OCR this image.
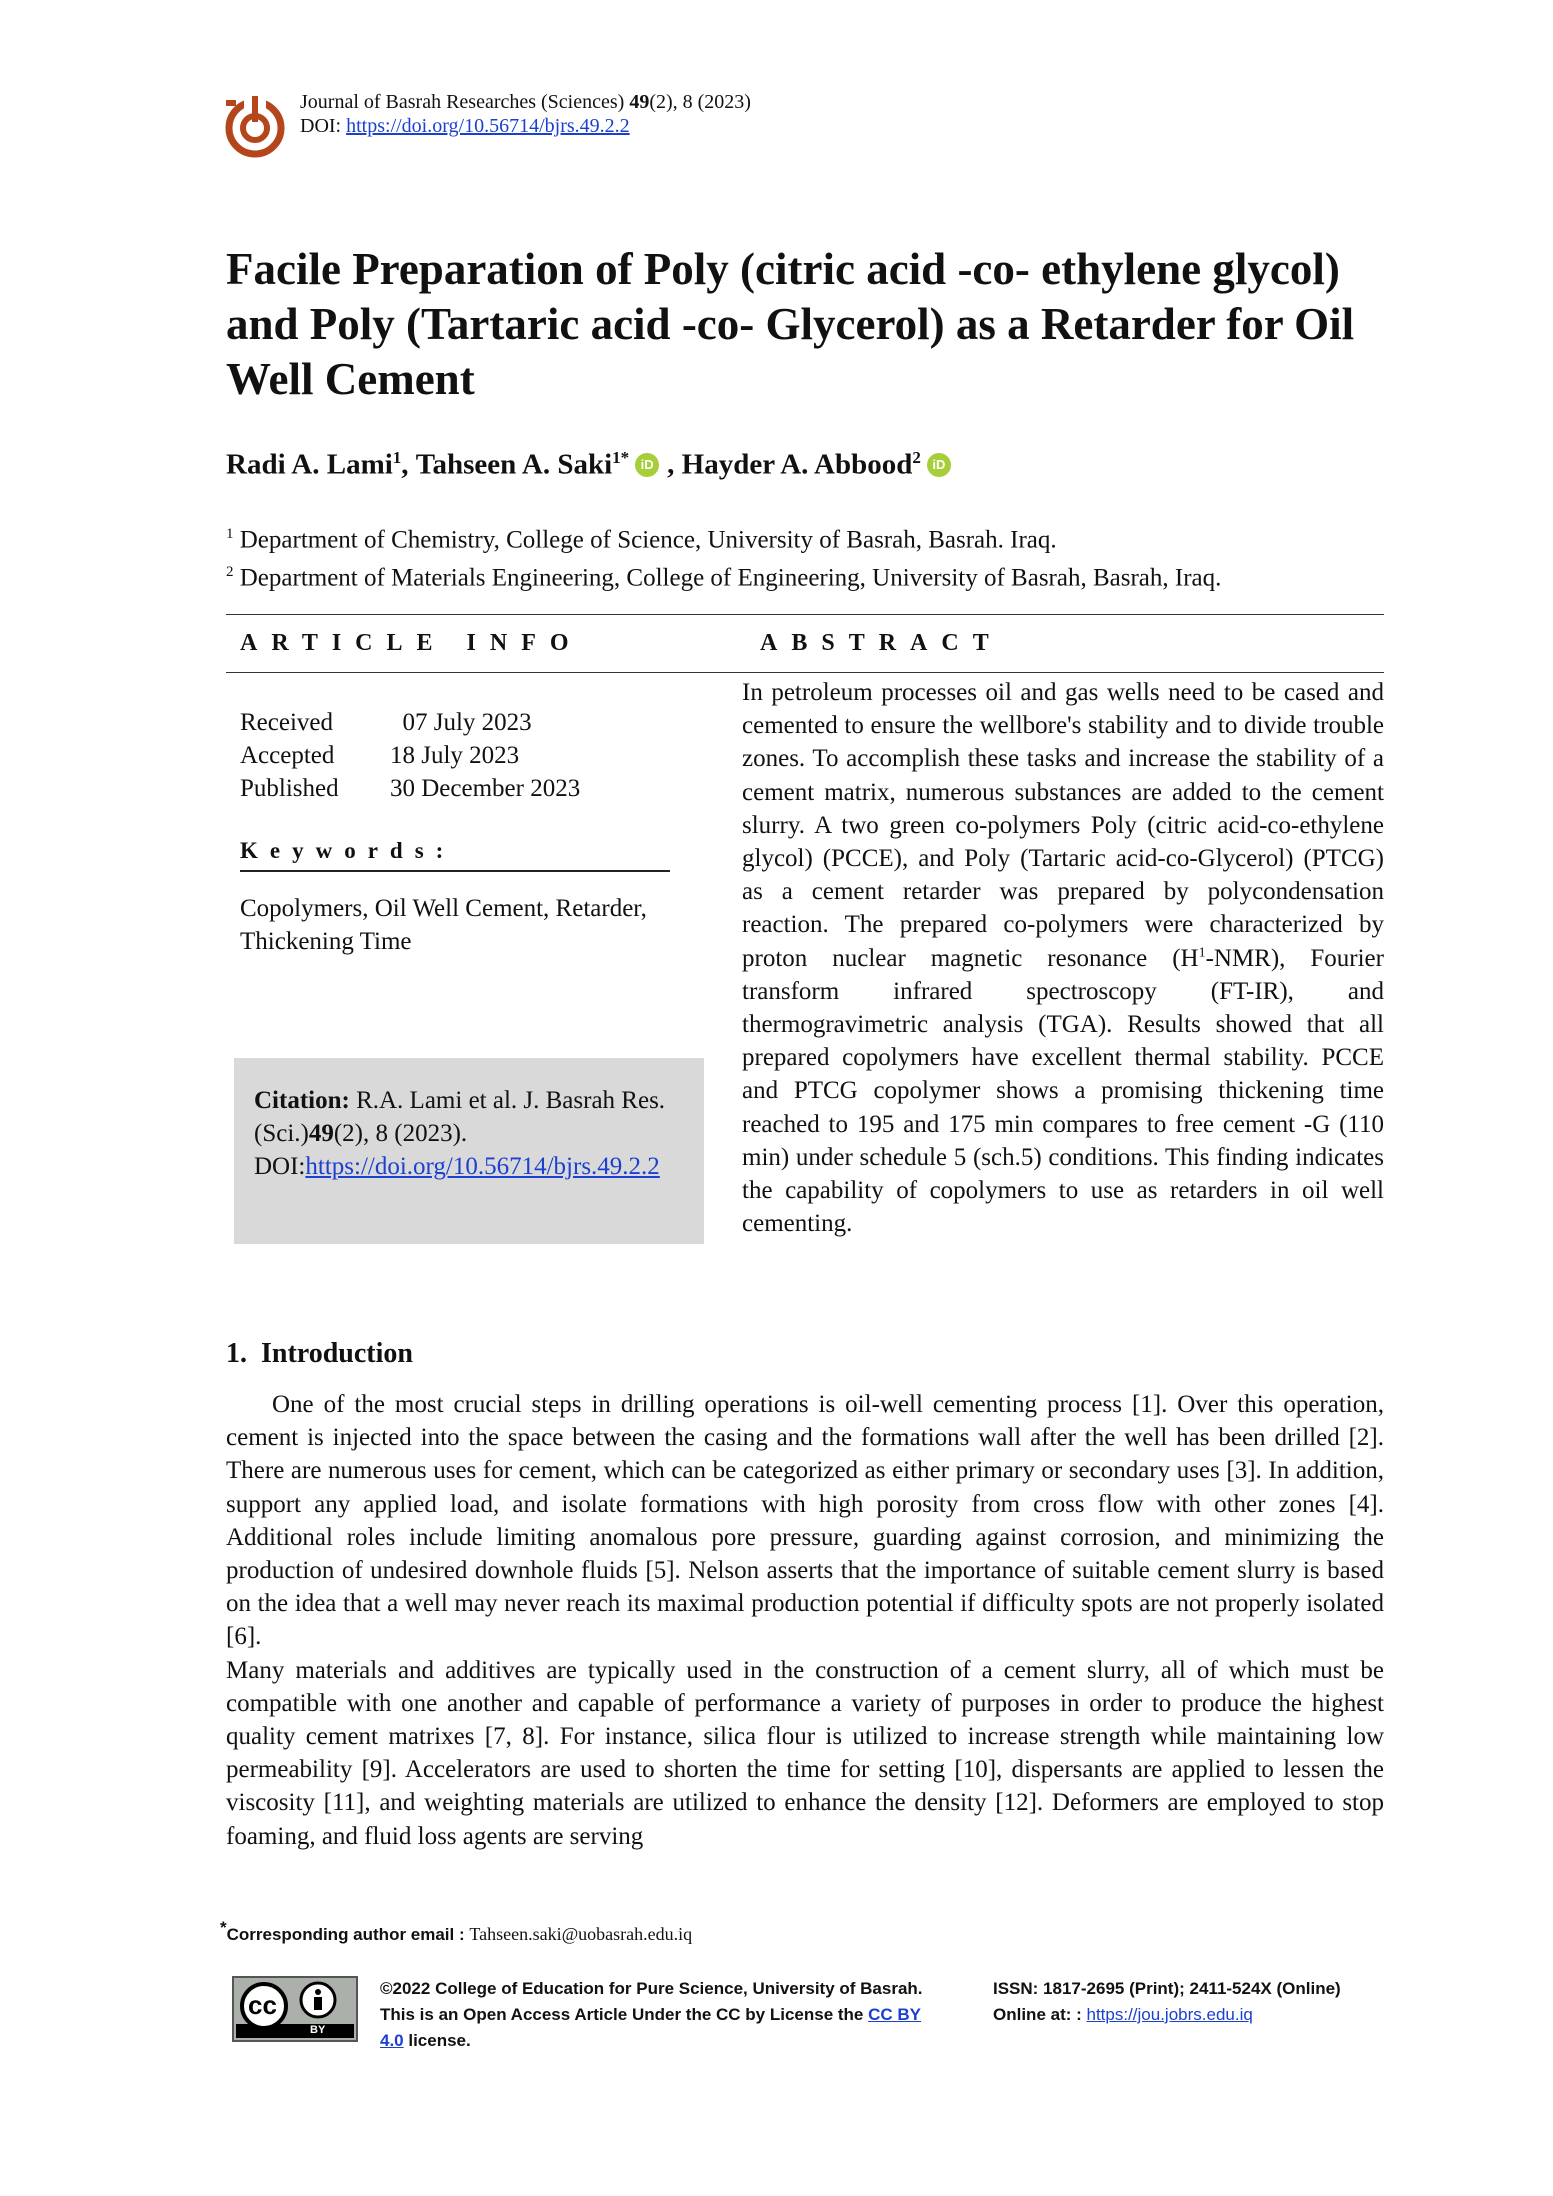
Journal of Basrah Researches (Sciences) 49(2), 8 (2023)
DOI: https://doi.org/10.56714/bjrs.49.2.2
Facile Preparation of Poly (citric acid -co- ethylene glycol) and Poly (Tartaric acid -co- Glycerol) as a Retarder for Oil Well Cement
Radi A. Lami$^1$,
Tahseen A. Saki$^{1*}$ iD ,
Hayder A. Abbood$^2$ iD
$^1$ Department of Chemistry, College of Science, University of Basrah, Basrah. Iraq.
$^2$ Department of Materials Engineering, College of Engineering, University of Basrah, Basrah, Iraq.
ARTICLE INFO	ABSTRACT
Received	07 July 2023
Accepted	18 July 2023
Published	30 December 2023
Keywords:
Copolymers, Oil Well Cement, Retarder, Thickening Time
Citation: R.A. Lami et al. J. Basrah Res. (Sci.)49(2), 8 (2023).
DOI:https://doi.org/10.56714/bjrs.49.2.2

In petroleum processes oil and gas wells need to be cased and cemented to ensure the wellbore's stability and to divide trouble zones. To accomplish these tasks and increase the stability of a cement matrix, numerous substances are added to the cement slurry. A two green co-polymers Poly (citric acid-co-ethylene glycol) (PCCE), and Poly (Tartaric acid-co-Glycerol) (PTCG) as a cement retarder was prepared by polycondensation reaction. The prepared co-polymers were characterized by proton nuclear magnetic resonance $(H^1-NMR)$, Fourier transform infrared spectroscopy (FT-IR), and thermogravimetric analysis (TGA). Results showed that all prepared copolymers have excellent thermal stability. PCCE and PTCG copolymer shows a promising thickening time reached to 195 and 175 min compares to free cement -G (110 min) under schedule 5 (sch.5) conditions. This finding indicates the capability of copolymers to use as retarders in oil well cementing.

1.  Introduction

One of the most crucial steps in drilling operations is oil-well cementing process [1]. Over this operation, cement is injected into the space between the casing and the formations wall after the well has been drilled [2]. There are numerous uses for cement, which can be categorized as either primary or secondary uses [3]. In addition, support any applied load, and isolate formations with high porosity from cross flow with other zones [4]. Additional roles include limiting anomalous pore pressure, guarding against corrosion, and minimizing the production of undesired downhole fluids [5]. Nelson asserts that the importance of suitable cement slurry is based on the idea that a well may never reach its maximal production potential if difficulty spots are not properly isolated [6].

Many materials and additives are typically used in the construction of a cement slurry, all of which must be compatible with one another and capable of performance a variety of purposes in order to produce the highest quality cement matrixes [7, 8]. For instance, silica flour is utilized to increase strength while maintaining low permeability [9]. Accelerators are used to shorten the time for setting [10], dispersants are applied to lessen the viscosity [11], and weighting materials are utilized to enhance the density [12]. Deformers are employed to stop foaming, and fluid loss agents are serving

*Corresponding author email : Tahseen.saki@uobasrah.edu.iq
cc
BY
©2022 College of Education for Pure Science, University of Basrah. This is an Open Access Article Under the CC by License the CC BY 4.0 license.
ISSN: 1817-2695 (Print); 2411-524X (Online)
Online at: : https://jou.jobrs.edu.iq
